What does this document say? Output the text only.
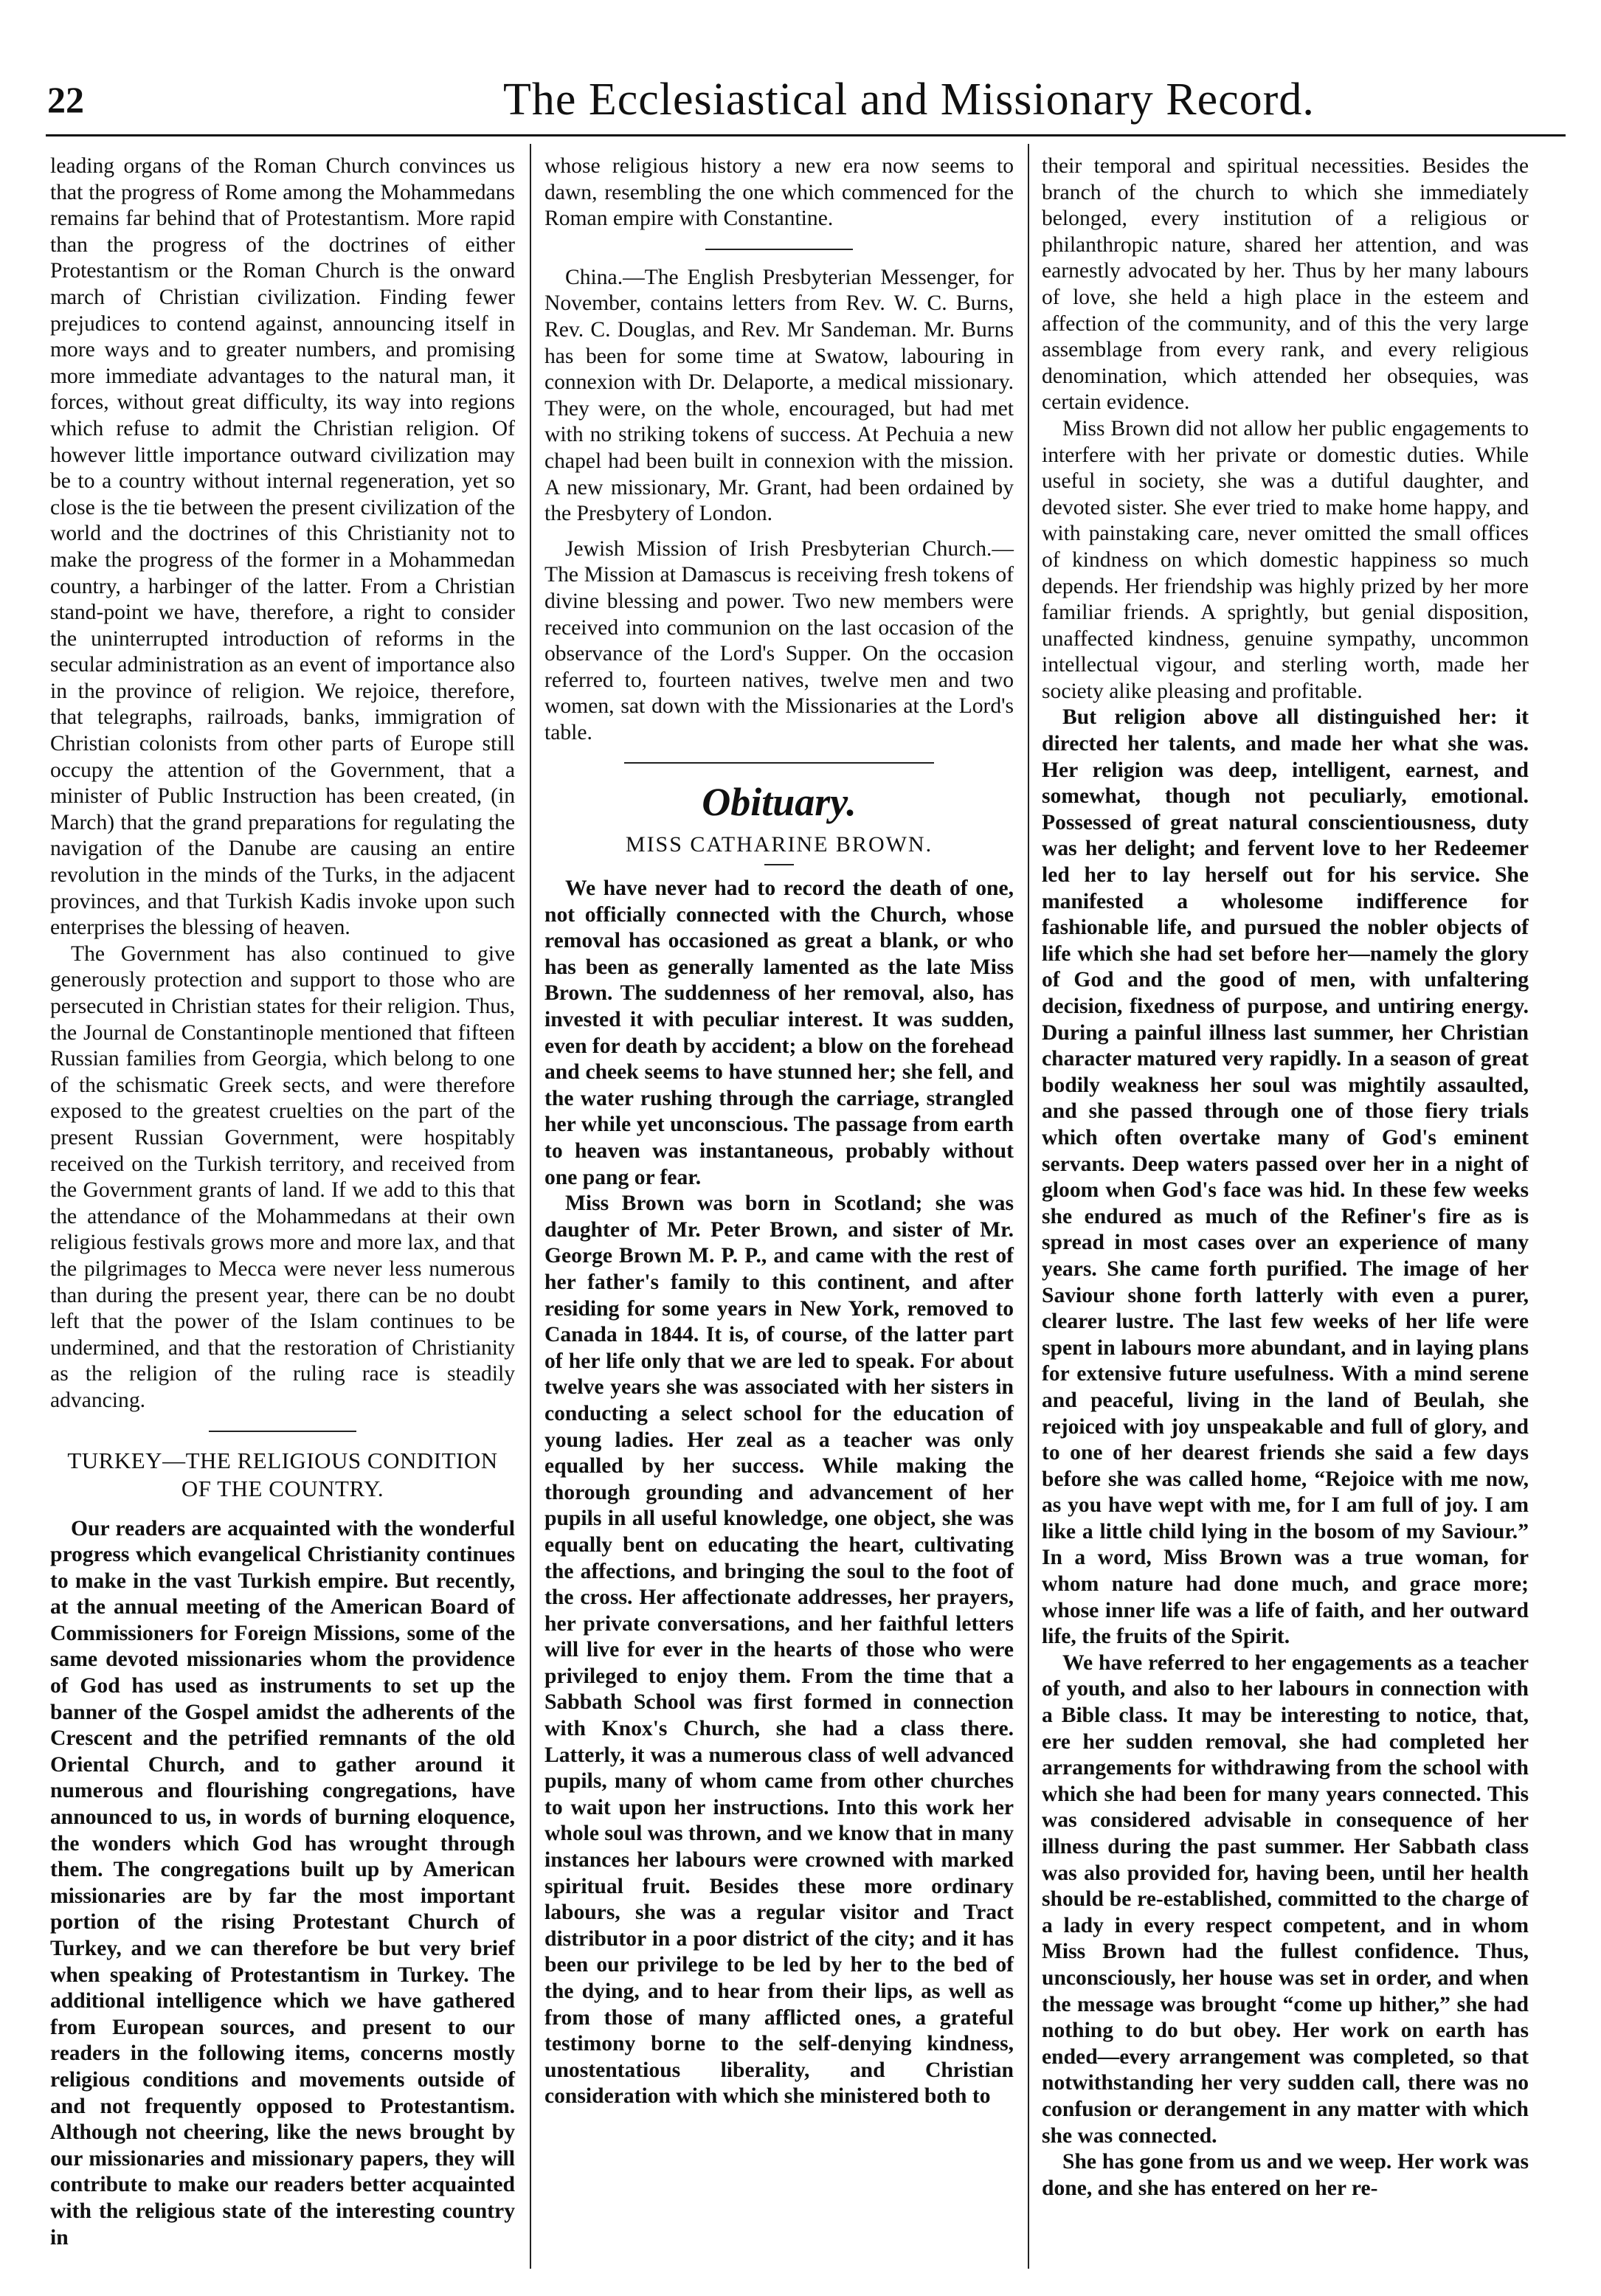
22	The Ecclesiastical and Missionary Record.

leading organs of the Roman Church convinces us that the progress of Rome among the Mohammedans remains far behind that of Protestantism. More rapid than the progress of the doctrines of either Protestantism or the Roman Church is the onward march of Christian civilization. Finding fewer prejudices to contend against, announcing itself in more ways and to greater numbers, and promising more immediate advantages to the natural man, it forces, without great difficulty, its way into regions which refuse to admit the Christian religion. Of however little importance outward civilization may be to a country without internal regeneration, yet so close is the tie between the present civilization of the world and the doctrines of this Christianity not to make the progress of the former in a Mohammedan country, a harbinger of the latter. From a Christian stand-point we have, therefore, a right to consider the uninterrupted introduction of reforms in the secular administration as an event of importance also in the province of religion. We rejoice, therefore, that telegraphs, railroads, banks, immigration of Christian colonists from other parts of Europe still occupy the attention of the Government, that a minister of Public Instruction has been created, (in March) that the grand preparations for regulating the navigation of the Danube are causing an entire revolution in the minds of the Turks, in the adjacent provinces, and that Turkish Kadis invoke upon such enterprises the blessing of heaven.

The Government has also continued to give generously protection and support to those who are persecuted in Christian states for their religion. Thus, the Journal de Constantinople mentioned that fifteen Russian families from Georgia, which belong to one of the schismatic Greek sects, and were therefore exposed to the greatest cruelties on the part of the present Russian Government, were hospitably received on the Turkish territory, and received from the Government grants of land. If we add to this that the attendance of the Mohammedans at their own religious festivals grows more and more lax, and that the pilgrimages to Mecca were never less numerous than during the present year, there can be no doubt left that the power of the Islam continues to be undermined, and that the restoration of Christianity as the religion of the ruling race is steadily advancing.

TURKEY—THE RELIGIOUS CONDITION OF THE COUNTRY.

Our readers are acquainted with the wonderful progress which evangelical Christianity continues to make in the vast Turkish empire. But recently, at the annual meeting of the American Board of Commissioners for Foreign Missions, some of the same devoted missionaries whom the providence of God has used as instruments to set up the banner of the Gospel amidst the adherents of the Crescent and the petrified remnants of the old Oriental Church, and to gather around it numerous and flourishing congregations, have announced to us, in words of burning eloquence, the wonders which God has wrought through them. The congregations built up by American missionaries are by far the most important portion of the rising Protestant Church of Turkey, and we can therefore be but very brief when speaking of Protestantism in Turkey. The additional intelligence which we have gathered from European sources, and present to our readers in the following items, concerns mostly religious conditions and movements outside of and not frequently opposed to Protestantism. Although not cheering, like the news brought by our missionaries and missionary papers, they will contribute to make our readers better acquainted with the religious state of the interesting country in

whose religious history a new era now seems to dawn, resembling the one which commenced for the Roman empire with Constantine.

China.—The English Presbyterian Messenger, for November, contains letters from Rev. W. C. Burns, Rev. C. Douglas, and Rev. Mr Sandeman. Mr. Burns has been for some time at Swatow, labouring in connexion with Dr. Delaporte, a medical missionary. They were, on the whole, encouraged, but had met with no striking tokens of success. At Pechuia a new chapel had been built in connexion with the mission. A new missionary, Mr. Grant, had been ordained by the Presbytery of London.

Jewish Mission of Irish Presbyterian Church.—The Mission at Damascus is receiving fresh tokens of divine blessing and power. Two new members were received into communion on the last occasion of the observance of the Lord's Supper. On the occasion referred to, fourteen natives, twelve men and two women, sat down with the Missionaries at the Lord's table.

Obituary.
MISS CATHARINE BROWN.

We have never had to record the death of one, not officially connected with the Church, whose removal has occasioned as great a blank, or who has been as generally lamented as the late Miss Brown. The suddenness of her removal, also, has invested it with peculiar interest. It was sudden, even for death by accident; a blow on the forehead and cheek seems to have stunned her; she fell, and the water rushing through the carriage, strangled her while yet unconscious. The passage from earth to heaven was instantaneous, probably without one pang or fear.

Miss Brown was born in Scotland; she was daughter of Mr. Peter Brown, and sister of Mr. George Brown M. P. P., and came with the rest of her father's family to this continent, and after residing for some years in New York, removed to Canada in 1844. It is, of course, of the latter part of her life only that we are led to speak. For about twelve years she was associated with her sisters in conducting a select school for the education of young ladies. Her zeal as a teacher was only equalled by her success. While making the thorough grounding and advancement of her pupils in all useful knowledge, one object, she was equally bent on educating the heart, cultivating the affections, and bringing the soul to the foot of the cross. Her affectionate addresses, her prayers, her private conversations, and her faithful letters will live for ever in the hearts of those who were privileged to enjoy them. From the time that a Sabbath School was first formed in connection with Knox's Church, she had a class there. Latterly, it was a numerous class of well advanced pupils, many of whom came from other churches to wait upon her instructions. Into this work her whole soul was thrown, and we know that in many instances her labours were crowned with marked spiritual fruit. Besides these more ordinary labours, she was a regular visitor and Tract distributor in a poor district of the city; and it has been our privilege to be led by her to the bed of the dying, and to hear from their lips, as well as from those of many afflicted ones, a grateful testimony borne to the self-denying kindness, unostentatious liberality, and Christian consideration with which she ministered both to

their temporal and spiritual necessities. Besides the branch of the church to which she immediately belonged, every institution of a religious or philanthropic nature, shared her attention, and was earnestly advocated by her. Thus by her many labours of love, she held a high place in the esteem and affection of the community, and of this the very large assemblage from every rank, and every religious denomination, which attended her obsequies, was certain evidence.

Miss Brown did not allow her public engagements to interfere with her private or domestic duties. While useful in society, she was a dutiful daughter, and devoted sister. She ever tried to make home happy, and with painstaking care, never omitted the small offices of kindness on which domestic happiness so much depends. Her friendship was highly prized by her more familiar friends. A sprightly, but genial disposition, unaffected kindness, genuine sympathy, uncommon intellectual vigour, and sterling worth, made her society alike pleasing and profitable.

But religion above all distinguished her: it directed her talents, and made her what she was. Her religion was deep, intelligent, earnest, and somewhat, though not peculiarly, emotional. Possessed of great natural conscientiousness, duty was her delight; and fervent love to her Redeemer led her to lay herself out for his service. She manifested a wholesome indifference for fashionable life, and pursued the nobler objects of life which she had set before her—namely the glory of God and the good of men, with unfaltering decision, fixedness of purpose, and untiring energy. During a painful illness last summer, her Christian character matured very rapidly. In a season of great bodily weakness her soul was mightily assaulted, and she passed through one of those fiery trials which often overtake many of God's eminent servants. Deep waters passed over her in a night of gloom when God's face was hid. In these few weeks she endured as much of the Refiner's fire as is spread in most cases over an experience of many years. She came forth purified. The image of her Saviour shone forth latterly with even a purer, clearer lustre. The last few weeks of her life were spent in labours more abundant, and in laying plans for extensive future usefulness. With a mind serene and peaceful, living in the land of Beulah, she rejoiced with joy unspeakable and full of glory, and to one of her dearest friends she said a few days before she was called home, “Rejoice with me now, as you have wept with me, for I am full of joy. I am like a little child lying in the bosom of my Saviour.” In a word, Miss Brown was a true woman, for whom nature had done much, and grace more; whose inner life was a life of faith, and her outward life, the fruits of the Spirit.

We have referred to her engagements as a teacher of youth, and also to her labours in connection with a Bible class. It may be interesting to notice, that, ere her sudden removal, she had completed her arrangements for withdrawing from the school with which she had been for many years connected. This was considered advisable in consequence of her illness during the past summer. Her Sabbath class was also provided for, having been, until her health should be re-established, committed to the charge of a lady in every respect competent, and in whom Miss Brown had the fullest confidence. Thus, unconsciously, her house was set in order, and when the message was brought “come up hither,” she had nothing to do but obey. Her work on earth has ended—every arrangement was completed, so that notwithstanding her very sudden call, there was no confusion or derangement in any matter with which she was connected.

She has gone from us and we weep. Her work was done, and she has entered on her re-
